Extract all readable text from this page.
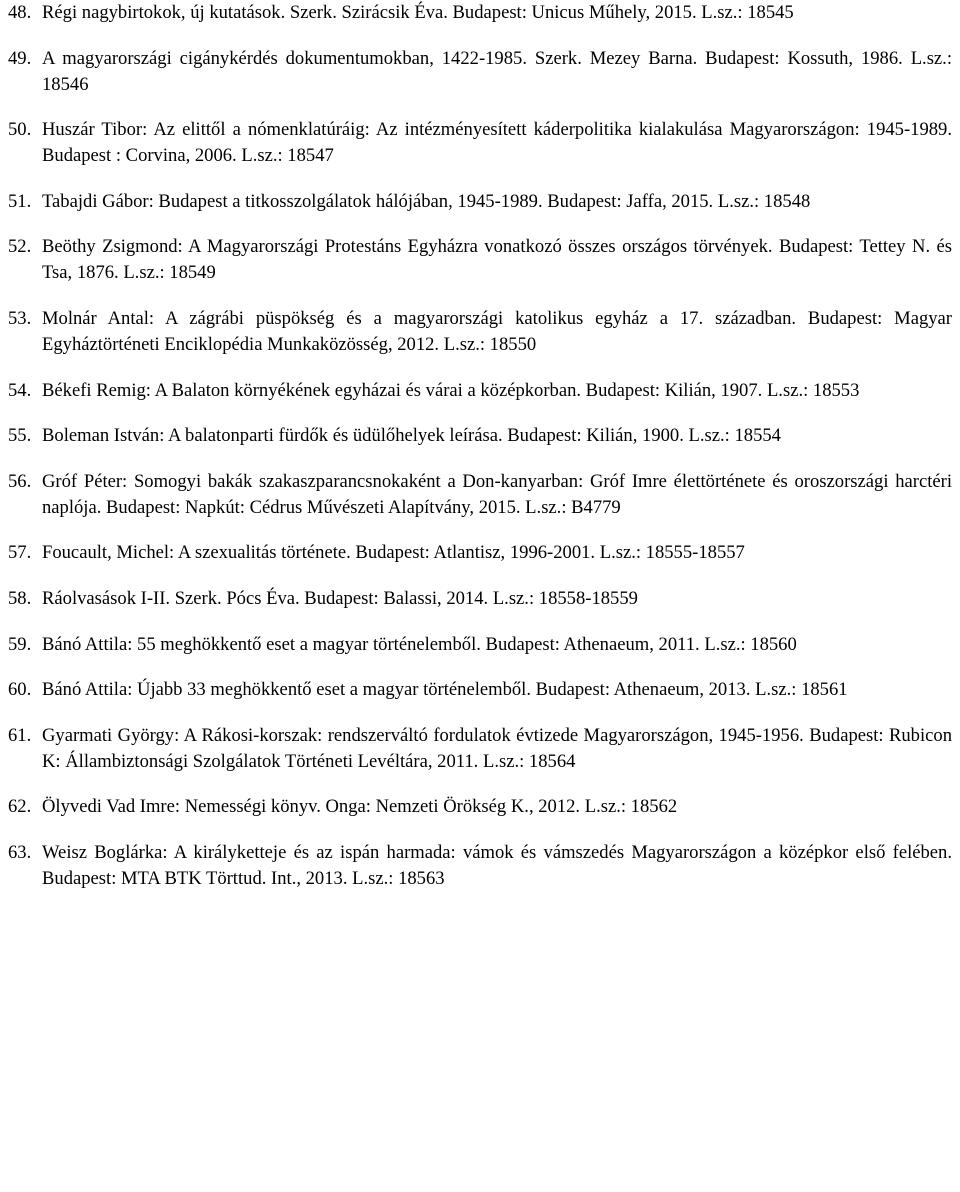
48. Régi nagybirtokok, új kutatások. Szerk. Szirácsik Éva. Budapest: Unicus Műhely, 2015. L.sz.: 18545
49. A magyarországi cigánykérdés dokumentumokban, 1422-1985. Szerk. Mezey Barna. Budapest: Kossuth, 1986. L.sz.: 18546
50. Huszár Tibor: Az elittől a nómenklatúráig: Az intézményesített káderpolitika kialakulása Magyarországon: 1945-1989. Budapest : Corvina, 2006. L.sz.: 18547
51. Tabajdi Gábor: Budapest a titkosszolgálatok hálójában, 1945-1989. Budapest: Jaffa, 2015. L.sz.: 18548
52. Beöthy Zsigmond: A Magyarországi Protestáns Egyházra vonatkozó összes országos törvények. Budapest: Tettey N. és Tsa, 1876. L.sz.: 18549
53. Molnár Antal: A zágrábi püspökség és a magyarországi katolikus egyház a 17. században. Budapest: Magyar Egyháztörténeti Enciklopédia Munkaközösség, 2012. L.sz.: 18550
54. Békefi Remig: A Balaton környékének egyházai és várai a középkorban. Budapest: Kilián, 1907. L.sz.: 18553
55. Boleman István: A balatonparti fürdők és üdülőhelyek leírása. Budapest: Kilián, 1900. L.sz.: 18554
56. Gróf Péter: Somogyi bakák szakaszparancsnokaként a Don-kanyarban: Gróf Imre élettörténete és oroszországi harctéri naplója. Budapest: Napkút: Cédrus Művészeti Alapítvány, 2015. L.sz.: B4779
57. Foucault, Michel: A szexualitás története. Budapest: Atlantisz, 1996-2001. L.sz.: 18555-18557
58. Ráolvasások I-II. Szerk. Pócs Éva. Budapest: Balassi, 2014. L.sz.: 18558-18559
59. Bánó Attila: 55 meghökkentő eset a magyar történelemből. Budapest: Athenaeum, 2011. L.sz.: 18560
60. Bánó Attila: Újabb 33 meghökkentő eset a magyar történelemből. Budapest: Athenaeum, 2013. L.sz.: 18561
61. Gyarmati György: A Rákosi-korszak: rendszerváltó fordulatok évtizede Magyarországon, 1945-1956. Budapest: Rubicon K: Állambiztonsági Szolgálatok Történeti Levéltára, 2011. L.sz.: 18564
62. Ölyvedi Vad Imre: Nemességi könyv. Onga: Nemzeti Örökség K., 2012. L.sz.: 18562
63. Weisz Boglárka: A királyketteje és az ispán harmada: vámok és vámszedés Magyarországon a középkor első felében. Budapest: MTA BTK Törttud. Int., 2013. L.sz.: 18563
